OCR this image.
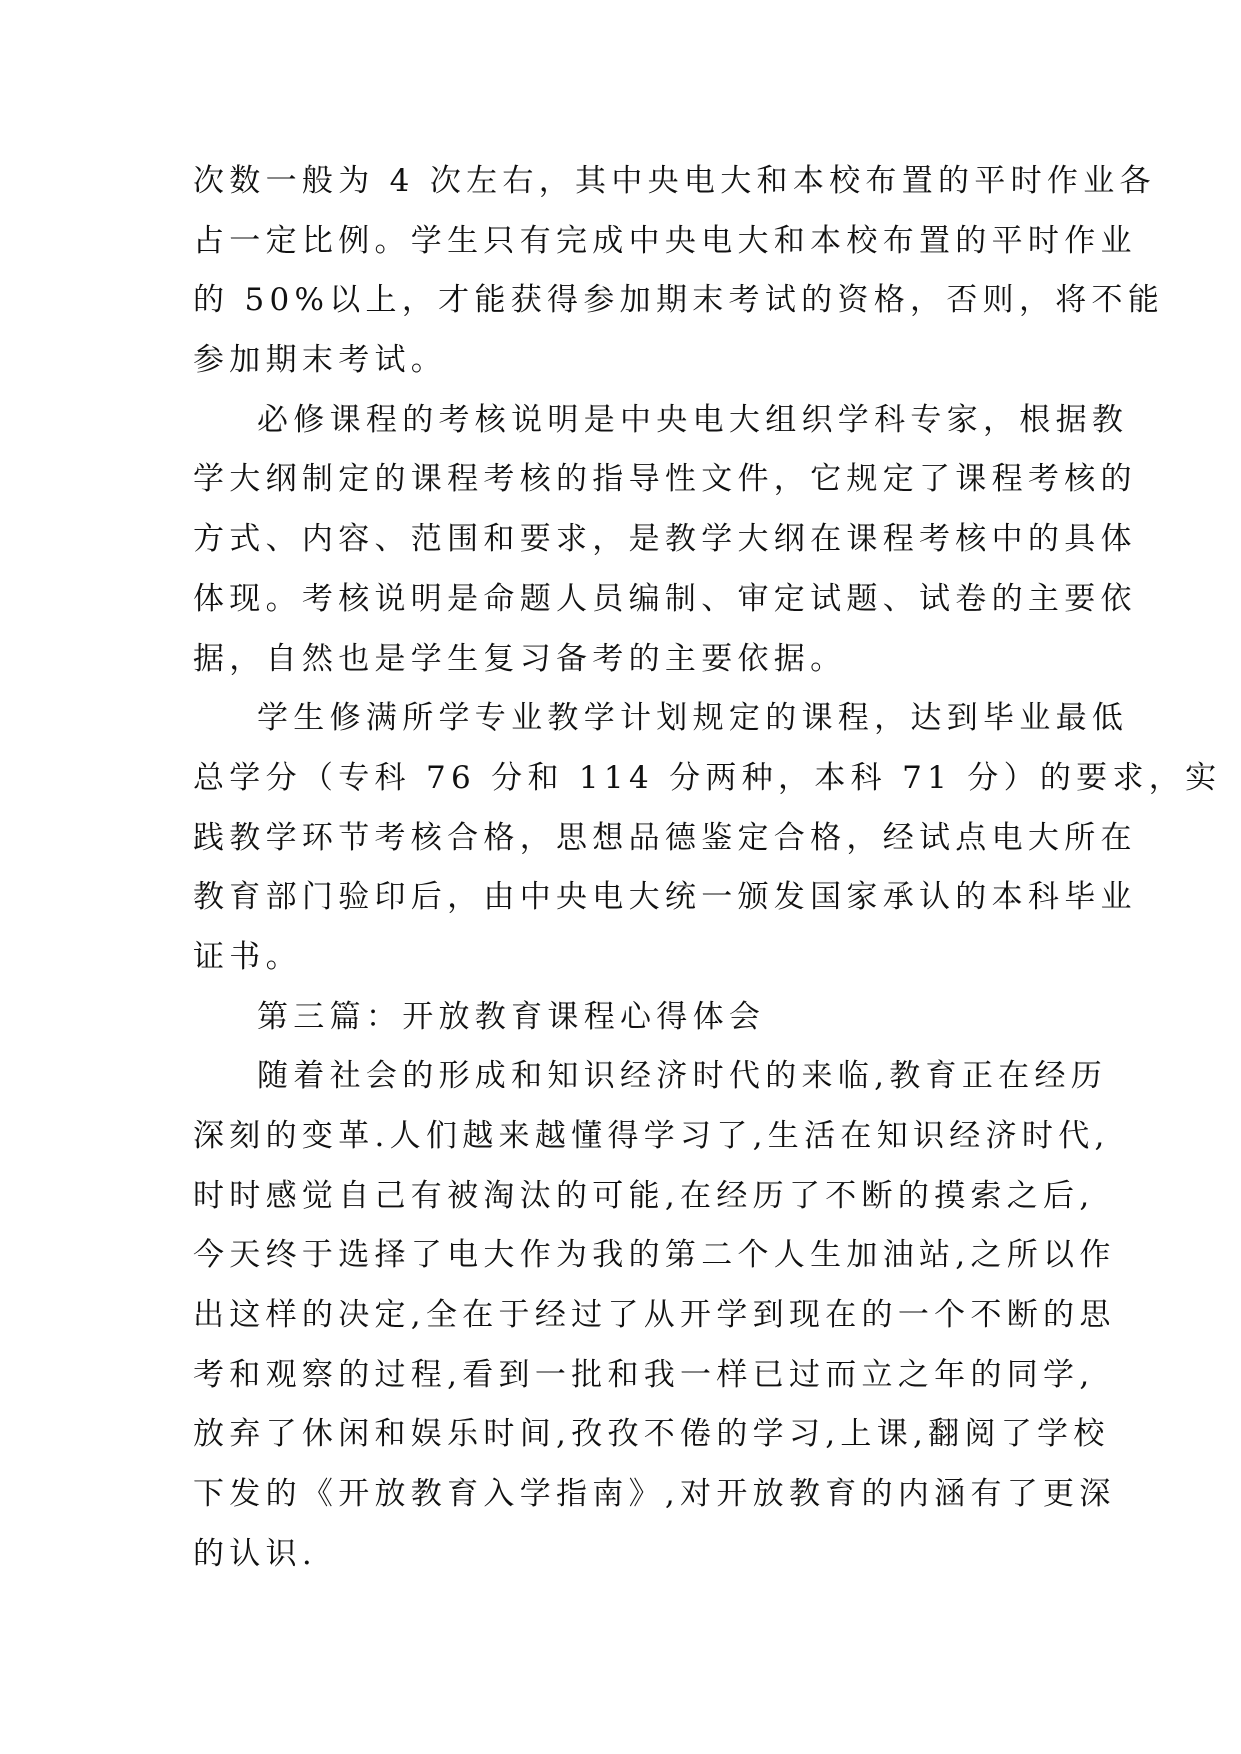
次数一般为 4 次左右，其中央电大和本校布置的平时作业各
占一定比例。学生只有完成中央电大和本校布置的平时作业
的 50%以上，才能获得参加期末考试的资格，否则，将不能
参加期末考试。
必修课程的考核说明是中央电大组织学科专家，根据教
学大纲制定的课程考核的指导性文件，它规定了课程考核的
方式、内容、范围和要求，是教学大纲在课程考核中的具体
体现。考核说明是命题人员编制、审定试题、试卷的主要依
据，自然也是学生复习备考的主要依据。
学生修满所学专业教学计划规定的课程，达到毕业最低
总学分（专科 76 分和 114 分两种，本科 71 分）的要求，实
践教学环节考核合格，思想品德鉴定合格，经试点电大所在
教育部门验印后，由中央电大统一颁发国家承认的本科毕业
证书。
第三篇：开放教育课程心得体会
随着社会的形成和知识经济时代的来临,教育正在经历
深刻的变革.人们越来越懂得学习了,生活在知识经济时代,
时时感觉自己有被淘汰的可能,在经历了不断的摸索之后,
今天终于选择了电大作为我的第二个人生加油站,之所以作
出这样的决定,全在于经过了从开学到现在的一个不断的思
考和观察的过程,看到一批和我一样已过而立之年的同学,
放弃了休闲和娱乐时间,孜孜不倦的学习,上课,翻阅了学校
下发的《开放教育入学指南》,对开放教育的内涵有了更深
的认识.
